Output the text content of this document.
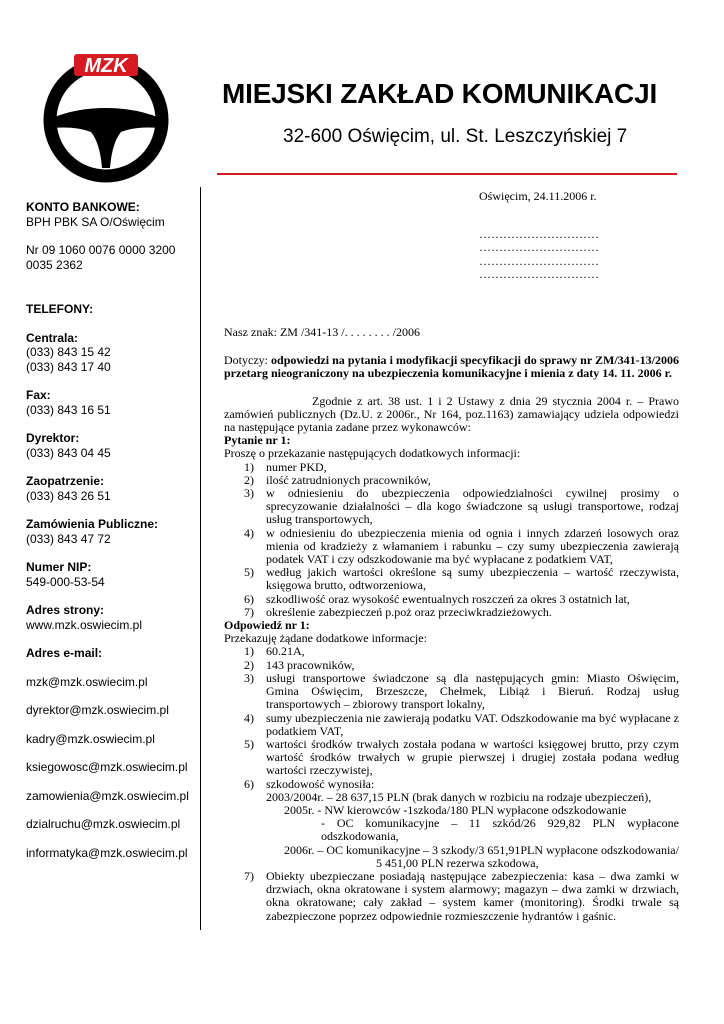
MZK
MIEJSKI ZAKŁAD KOMUNIKACJI
32-600 Oświęcim, ul. St. Leszczyńskiej 7
KONTO BANKOWE:
BPH PBK SA O/Oświęcim
Nr 09 1060 0076 0000 3200
0035 2362
TELEFONY:
Centrala:
(033) 843 15 42
(033) 843 17 40
Fax:
(033) 843 16 51
Dyrektor:
(033) 843 04 45
Zaopatrzenie:
(033) 843 26 51
Zamówienia Publiczne:
(033) 843 47 72
Numer NIP:
549-000-53-54
Adres strony:
www.mzk.oswiecim.pl
Adres e-mail:
mzk@mzk.oswiecim.pl
dyrektor@mzk.oswiecim.pl
kadry@mzk.oswiecim.pl
ksiegowosc@mzk.oswiecim.pl
zamowienia@mzk.oswiecim.pl
dzialruchu@mzk.oswiecim.pl
informatyka@mzk.oswiecim.pl
Oświęcim, 24.11.2006 r.
…………………………
…………………………
…………………………
…………………………
Nasz znak: ZM /341-13 /. . . . . . . . /2006
Dotyczy: odpowiedzi na pytania i modyfikacji specyfikacji do sprawy nr ZM/341-13/2006 przetarg nieograniczony na ubezpieczenia komunikacyjne i mienia z daty 14. 11. 2006 r.
Zgodnie z art. 38 ust. 1 i 2 Ustawy z dnia 29 stycznia 2004 r. – Prawo zamówień publicznych (Dz.U. z 2006r., Nr 164, poz.1163) zamawiający udziela odpowiedzi na następujące pytania zadane przez wykonawców:
Pytanie nr 1:
Proszę o przekazanie następujących dodatkowych informacji:
1) numer PKD,
2) ilość zatrudnionych pracowników,
3) w odniesieniu do ubezpieczenia odpowiedzialności cywilnej prosimy o sprecyzowanie działalności – dla kogo świadczone są usługi transportowe, rodzaj usług transportowych,
4) w odniesieniu do ubezpieczenia mienia od ognia i innych zdarzeń losowych oraz mienia od kradzieży z włamaniem i rabunku – czy sumy ubezpieczenia zawierają podatek VAT i czy odszkodowanie ma być wypłacane z podatkiem VAT,
5) według jakich wartości określone są sumy ubezpieczenia – wartość rzeczywista, księgowa brutto, odtworzeniowa,
6) szkodliwość oraz wysokość ewentualnych roszczeń za okres 3 ostatnich lat,
7) określenie zabezpieczeń p.poż oraz przeciwkradzieżowych.
Odpowiedź nr 1:
Przekazuję żądane dodatkowe informacje:
1) 60.21A,
2) 143 pracowników,
3) usługi transportowe świadczone są dla następujących gmin: Miasto Oświęcim, Gmina Oświęcim, Brzeszcze, Chełmek, Libiąż i Bieruń. Rodzaj usług transportowych – zbiorowy transport lokalny,
4) sumy ubezpieczenia nie zawierają podatku VAT. Odszkodowanie ma być wypłacane z podatkiem VAT,
5) wartości środków trwałych została podana w wartości księgowej brutto, przy czym wartość środków trwałych w grupie pierwszej i drugiej została podana według wartości rzeczywistej,
6) szkodowość wynosiła:
2003/2004r. – 28 637,15 PLN (brak danych w rozbiciu na rodzaje ubezpieczeń),
2005r. - NW kierowców -1szkoda/180 PLN wypłacone odszkodowanie
- OC komunikacyjne – 11 szkód/26 929,82 PLN wypłacone odszkodowania,
2006r. – OC komunikacyjne – 3 szkody/3 651,91PLN wypłacone odszkodowania/
5 451,00 PLN rezerwa szkodowa,
7) Obiekty ubezpieczane posiadają następujące zabezpieczenia: kasa – dwa zamki w drzwiach, okna okratowane i system alarmowy; magazyn – dwa zamki w drzwiach, okna okratowane; cały zakład – system kamer (monitoring). Środki trwale są zabezpieczone poprzez odpowiednie rozmieszczenie hydrantów i gaśnic.
